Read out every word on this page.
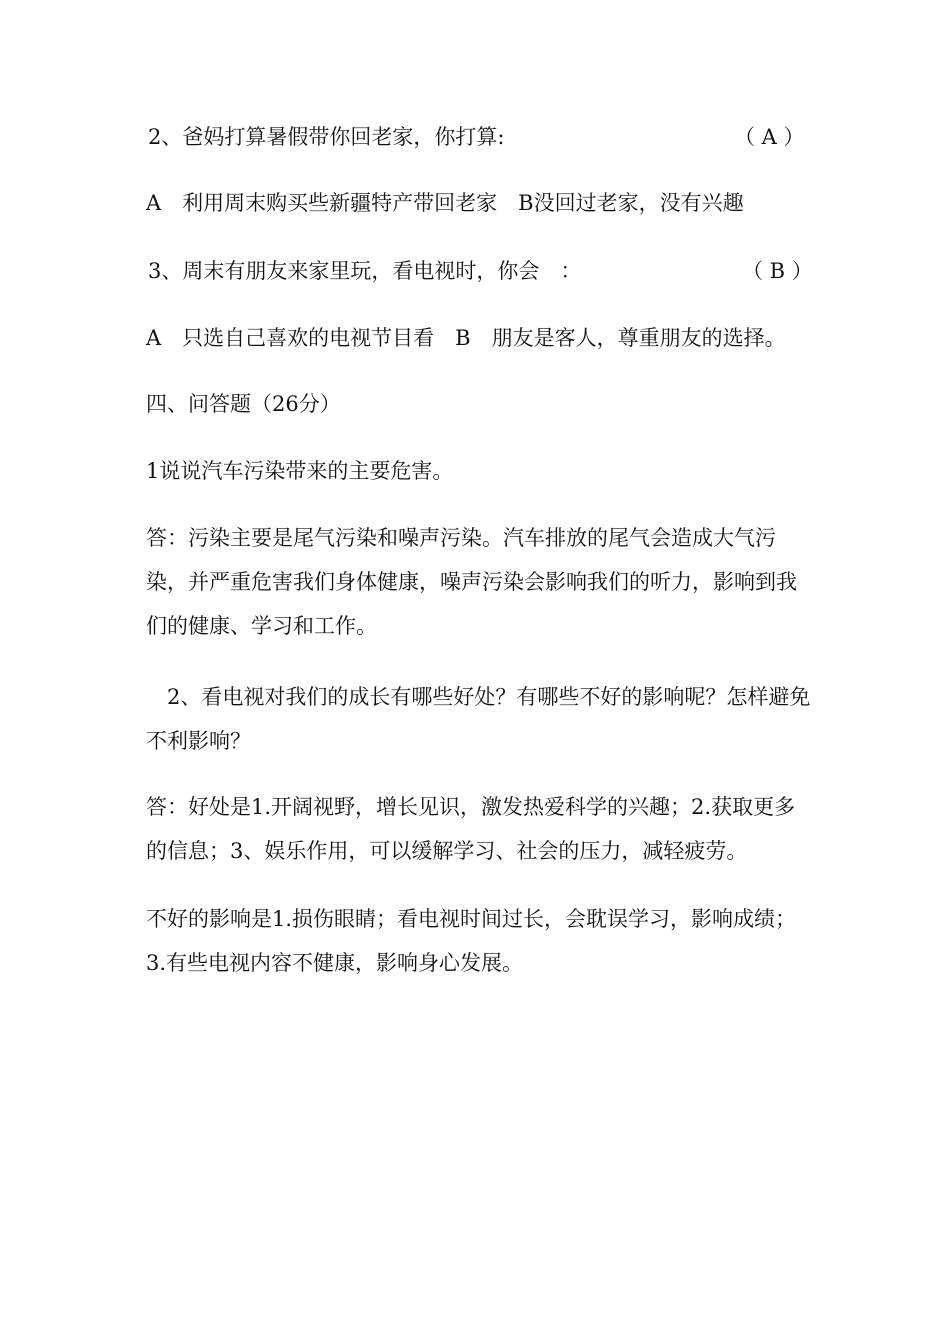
2、爸妈打算暑假带你回老家，你打算:	（ A ）
A　利用周末购买些新疆特产带回老家　B没回过老家，没有兴趣
3、周末有朋友来家里玩，看电视时，你会　：	（ B ）
A　只选自己喜欢的电视节目看　B　朋友是客人，尊重朋友的选择。
四、问答题（26分）
1说说汽车污染带来的主要危害。
答：污染主要是尾气污染和噪声污染。汽车排放的尾气会造成大气污染，并严重危害我们身体健康，噪声污染会影响我们的听力，影响到我们的健康、学习和工作。
　2、看电视对我们的成长有哪些好处？有哪些不好的影响呢？怎样避免不利影响？
答：好处是1.开阔视野，增长见识，激发热爱科学的兴趣；2.获取更多的信息；3、娱乐作用，可以缓解学习、社会的压力，减轻疲劳。
不好的影响是1.损伤眼睛；看电视时间过长，会耽误学习，影响成绩；3.有些电视内容不健康，影响身心发展。
